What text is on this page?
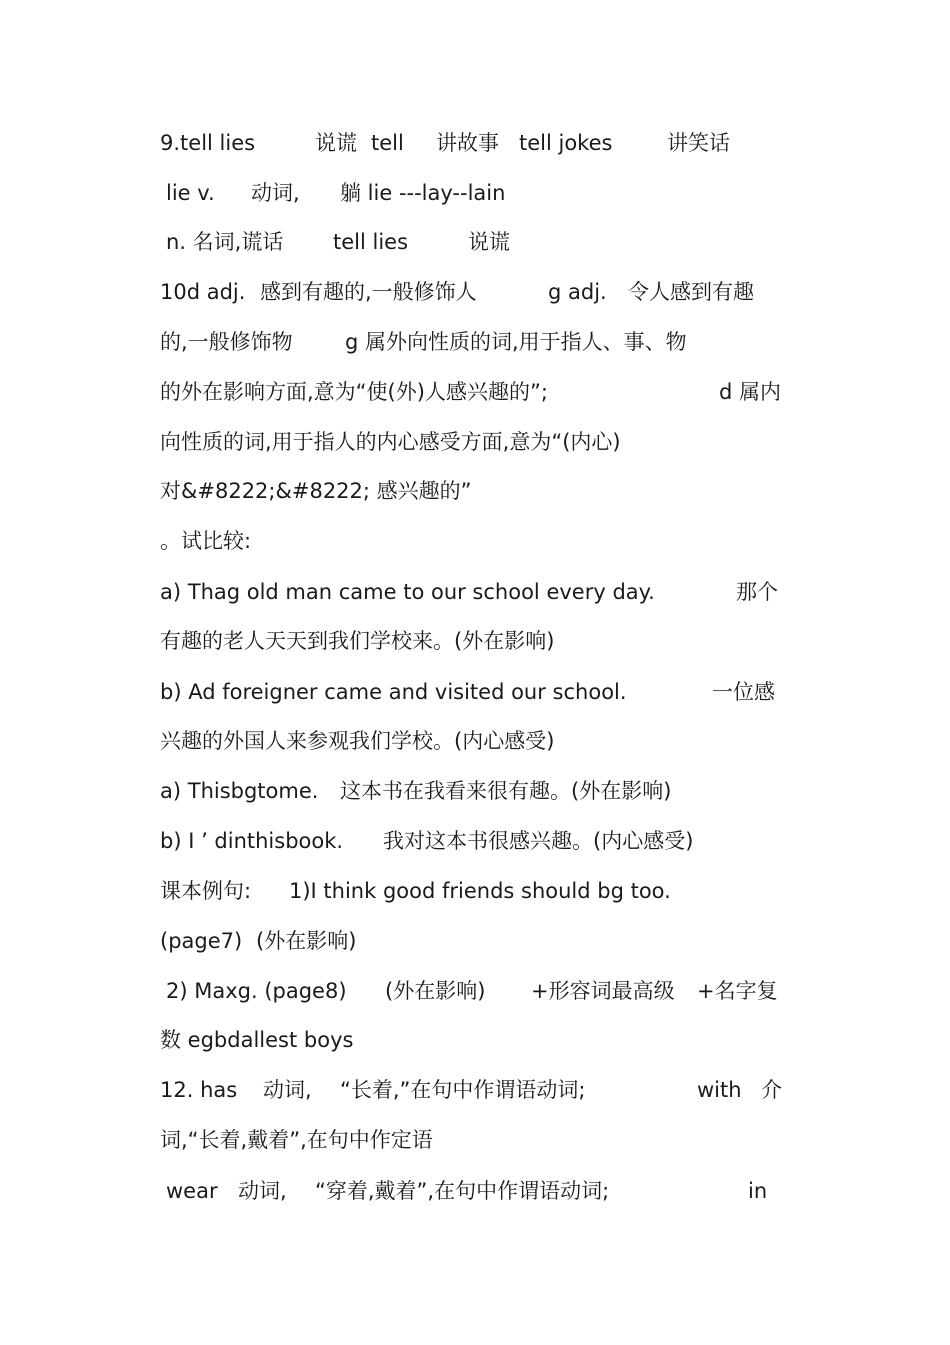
9.tell lies	说谎 tell 讲故事 tell jokes	讲笑话
lie v. 动词, 躺 lie ---lay--lain
n. 名词,谎话 tell lies	说谎
10d adj. 感到有趣的,一般修饰人	g adj. 令人感到有趣
的,一般修饰物 g 属外向性质的词,用于指人、事、物
的外在影响方面,意为“使(外)人感兴趣的”;	d 属内
向性质的词,用于指人的内心感受方面,意为“(内心)
对&#8222;&#8222; 感兴趣的”
。试比较:
a) Thag old man came to our school every day.	那个
有趣的老人天天到我们学校来。(外在影响)
b) Ad foreigner came and visited our school.	一位感
兴趣的外国人来参观我们学校。(内心感受)
a) Thisbgtome. 这本书在我看来很有趣。(外在影响)
b) I ’ dinthisbook. 我对这本书很感兴趣。(内心感受)
课本例句: 1)I think good friends should bg too.
(page7) (外在影响)
2) Maxg. (page8) (外在影响) +形容词最高级 +名字复
数 egbdallest boys
12. has 动词, “长着,”在句中作谓语动词;	with 介
词,“长着,戴着”,在句中作定语
wear 动词, “穿着,戴着”,在句中作谓语动词;	in
